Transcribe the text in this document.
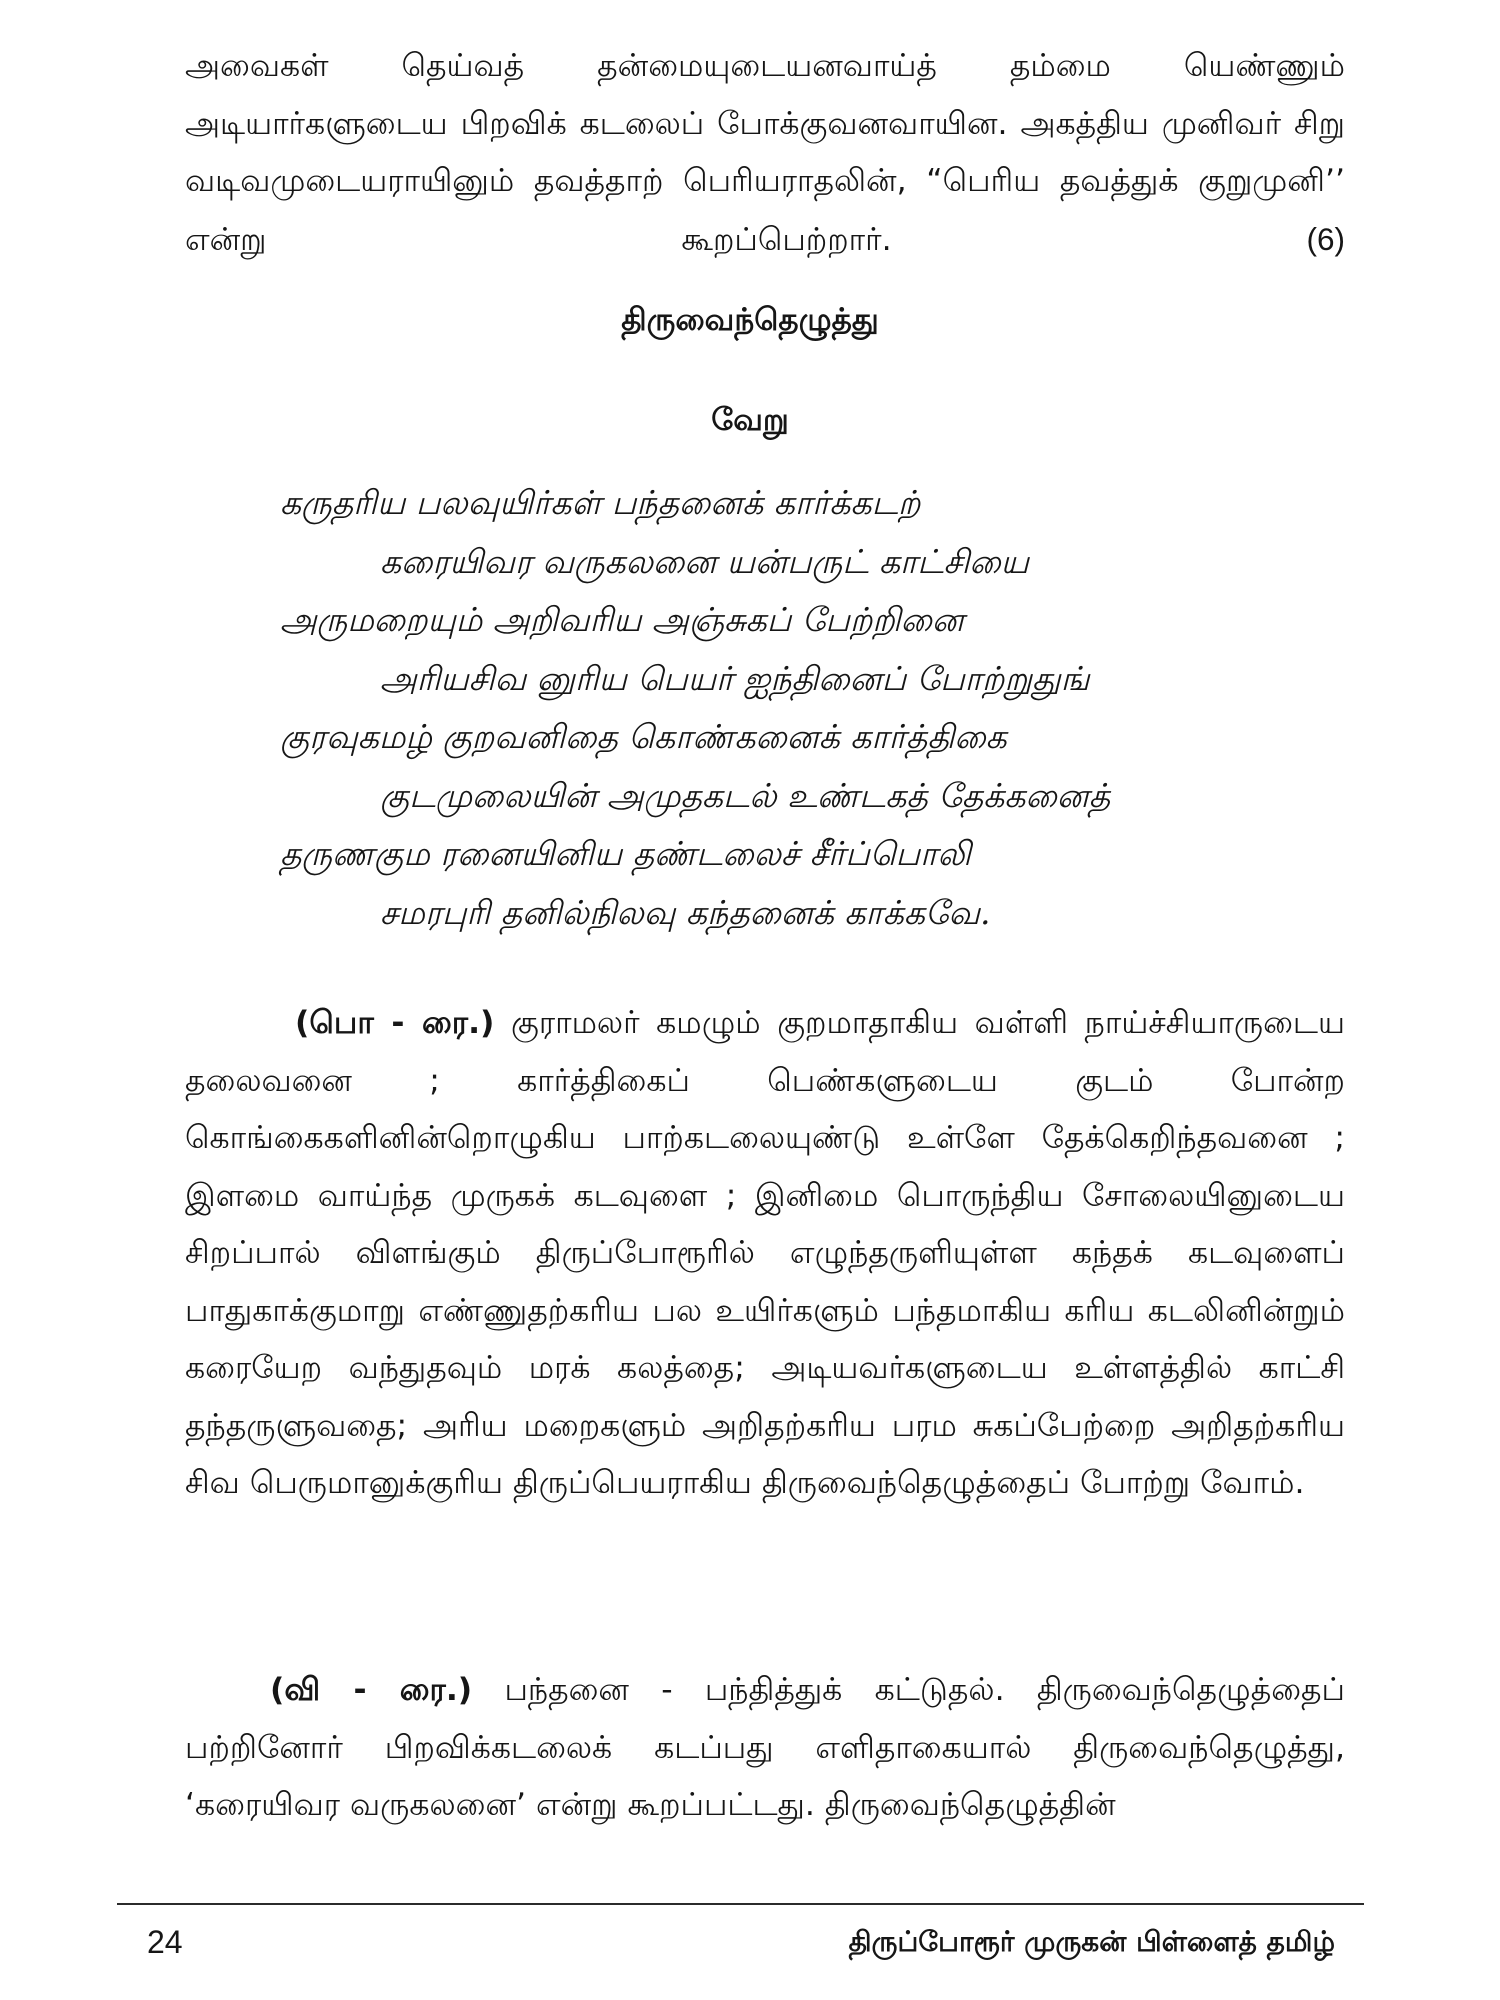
அவைகள் தெய்வத் தன்மையுடையனவாய்த் தம்மை யெண்ணும் அடியார்களுடைய பிறவிக் கடலைப் போக்குவனவாயின. அகத்திய முனிவர் சிறு வடிவமுடையராயினும் தவத்தாற் பெரியராதலின், “பெரிய தவத்துக் குறுமுனி’’ என்று கூறப்பெற்றார்.	(6)

திருவைந்தெழுத்து
வேறு
கருதரிய பலவுயிர்கள் பந்தனைக் கார்க்கடற்
கரையிவர வருகலனை யன்பருட் காட்சியை
அருமறையும் அறிவரிய அஞ்சுகப் பேற்றினை
அரியசிவ னுரிய பெயர் ஐந்தினைப் போற்றுதுங்
குரவுகமழ் குறவனிதை கொண்கனைக் கார்த்திகை
குடமுலையின் அமுதகடல் உண்டகத் தேக்கனைத்
தருணகும ரனையினிய தண்டலைச் சீர்ப்பொலி
சமரபுரி தனில்நிலவு கந்தனைக் காக்கவே.

(பொ - ரை.) குராமலர் கமழும் குறமாதாகிய வள்ளி நாய்ச்சியாருடைய தலைவனை ; கார்த்திகைப் பெண்களுடைய குடம் போன்ற கொங்கைகளினின்றொழுகிய பாற்கடலையுண்டு உள்ளே தேக்கெறிந்தவனை ; இளமை வாய்ந்த முருகக் கடவுளை ; இனிமை பொருந்திய சோலையினுடைய சிறப்பால் விளங்கும் திருப்போரூரில் எழுந்தருளியுள்ள கந்தக் கடவுளைப் பாதுகாக்குமாறு எண்ணுதற்கரிய பல உயிர்களும் பந்தமாகிய கரிய கடலினின்றும் கரையேற வந்துதவும் மரக் கலத்தை; அடியவர்களுடைய உள்ளத்தில் காட்சி தந்தருளுவதை; அரிய மறைகளும் அறிதற்கரிய பரம சுகப்பேற்றை அறிதற்கரிய சிவ பெருமானுக்குரிய திருப்பெயராகிய திருவைந்தெழுத்தைப் போற்று வோம்.

(வி - ரை.) பந்தனை - பந்தித்துக் கட்டுதல். திருவைந்தெழுத்தைப் பற்றினோர் பிறவிக்கடலைக் கடப்பது எளிதாகையால் திருவைந்தெழுத்து, ‘கரையிவர வருகலனை’ என்று கூறப்பட்டது. திருவைந்தெழுத்தின்

24	திருப்போரூர் முருகன் பிள்ளைத் தமிழ்
